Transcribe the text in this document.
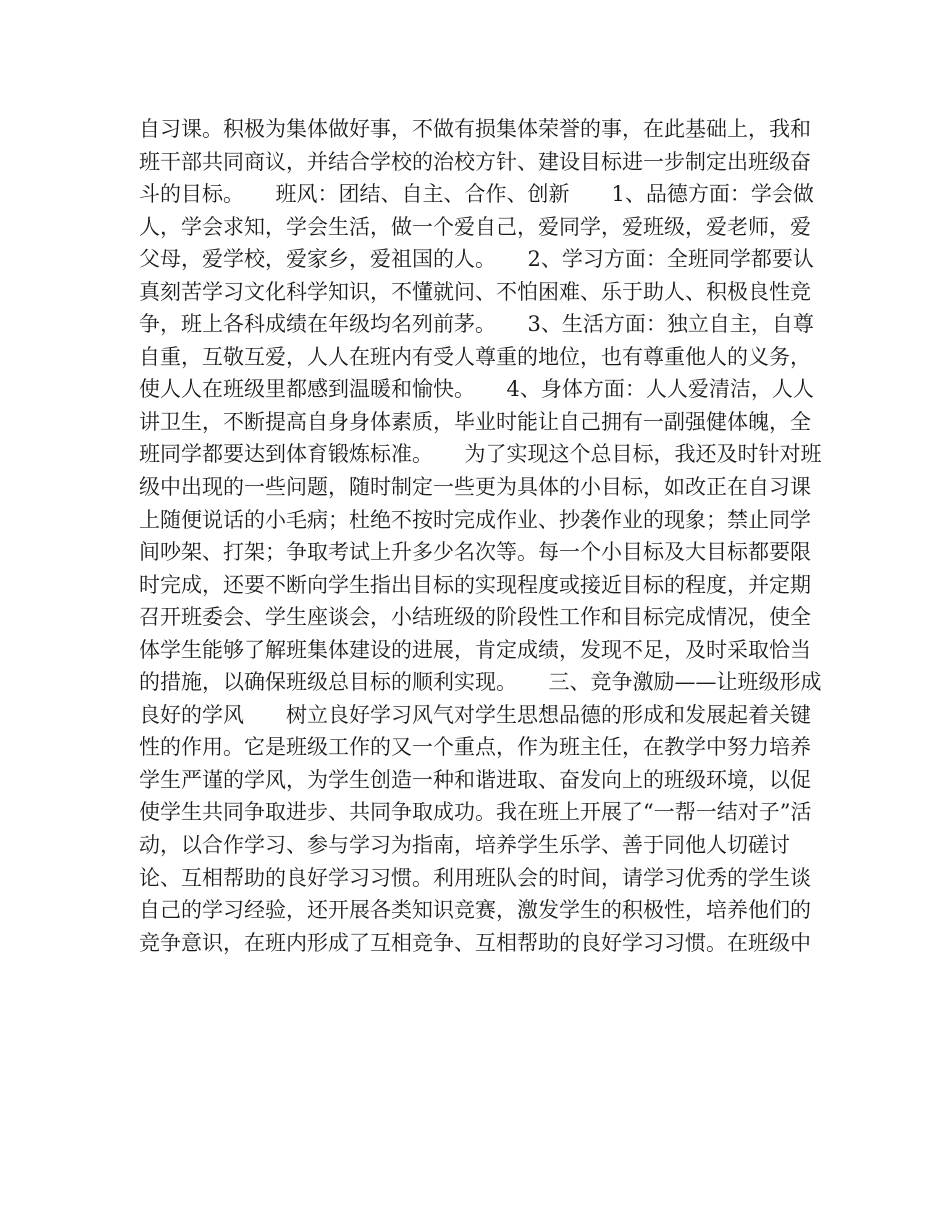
自习课。积极为集体做好事，不做有损集体荣誉的事，在此基础上，我和班干部共同商议，并结合学校的治校方针、建设目标进一步制定出班级奋斗的目标。　　班风：团结、自主、合作、创新　　1、品德方面：学会做人，学会求知，学会生活，做一个爱自己，爱同学，爱班级，爱老师，爱父母，爱学校，爱家乡，爱祖国的人。　　2、学习方面：全班同学都要认真刻苦学习文化科学知识，不懂就问、不怕困难、乐于助人、积极良性竞争，班上各科成绩在年级均名列前茅。　　3、生活方面：独立自主，自尊自重，互敬互爱，人人在班内有受人尊重的地位，也有尊重他人的义务，使人人在班级里都感到温暖和愉快。　　4、身体方面：人人爱清洁，人人讲卫生，不断提高自身身体素质，毕业时能让自己拥有一副强健体魄，全班同学都要达到体育锻炼标准。　　为了实现这个总目标，我还及时针对班级中出现的一些问题，随时制定一些更为具体的小目标，如改正在自习课上随便说话的小毛病；杜绝不按时完成作业、抄袭作业的现象；禁止同学间吵架、打架；争取考试上升多少名次等。每一个小目标及大目标都要限时完成，还要不断向学生指出目标的实现程度或接近目标的程度，并定期召开班委会、学生座谈会，小结班级的阶段性工作和目标完成情况，使全体学生能够了解班集体建设的进展，肯定成绩，发现不足，及时采取恰当的措施，以确保班级总目标的顺利实现。　　三、竞争激励——让班级形成良好的学风　　树立良好学习风气对学生思想品德的形成和发展起着关键性的作用。它是班级工作的又一个重点，作为班主任，在教学中努力培养学生严谨的学风，为学生创造一种和谐进取、奋发向上的班级环境，以促使学生共同争取进步、共同争取成功。我在班上开展了“一帮一结对子”活动，以合作学习、参与学习为指南，培养学生乐学、善于同他人切磋讨论、互相帮助的良好学习习惯。利用班队会的时间，请学习优秀的学生谈自己的学习经验，还开展各类知识竞赛，激发学生的积极性，培养他们的竞争意识，在班内形成了互相竞争、互相帮助的良好学习习惯。在班级中
